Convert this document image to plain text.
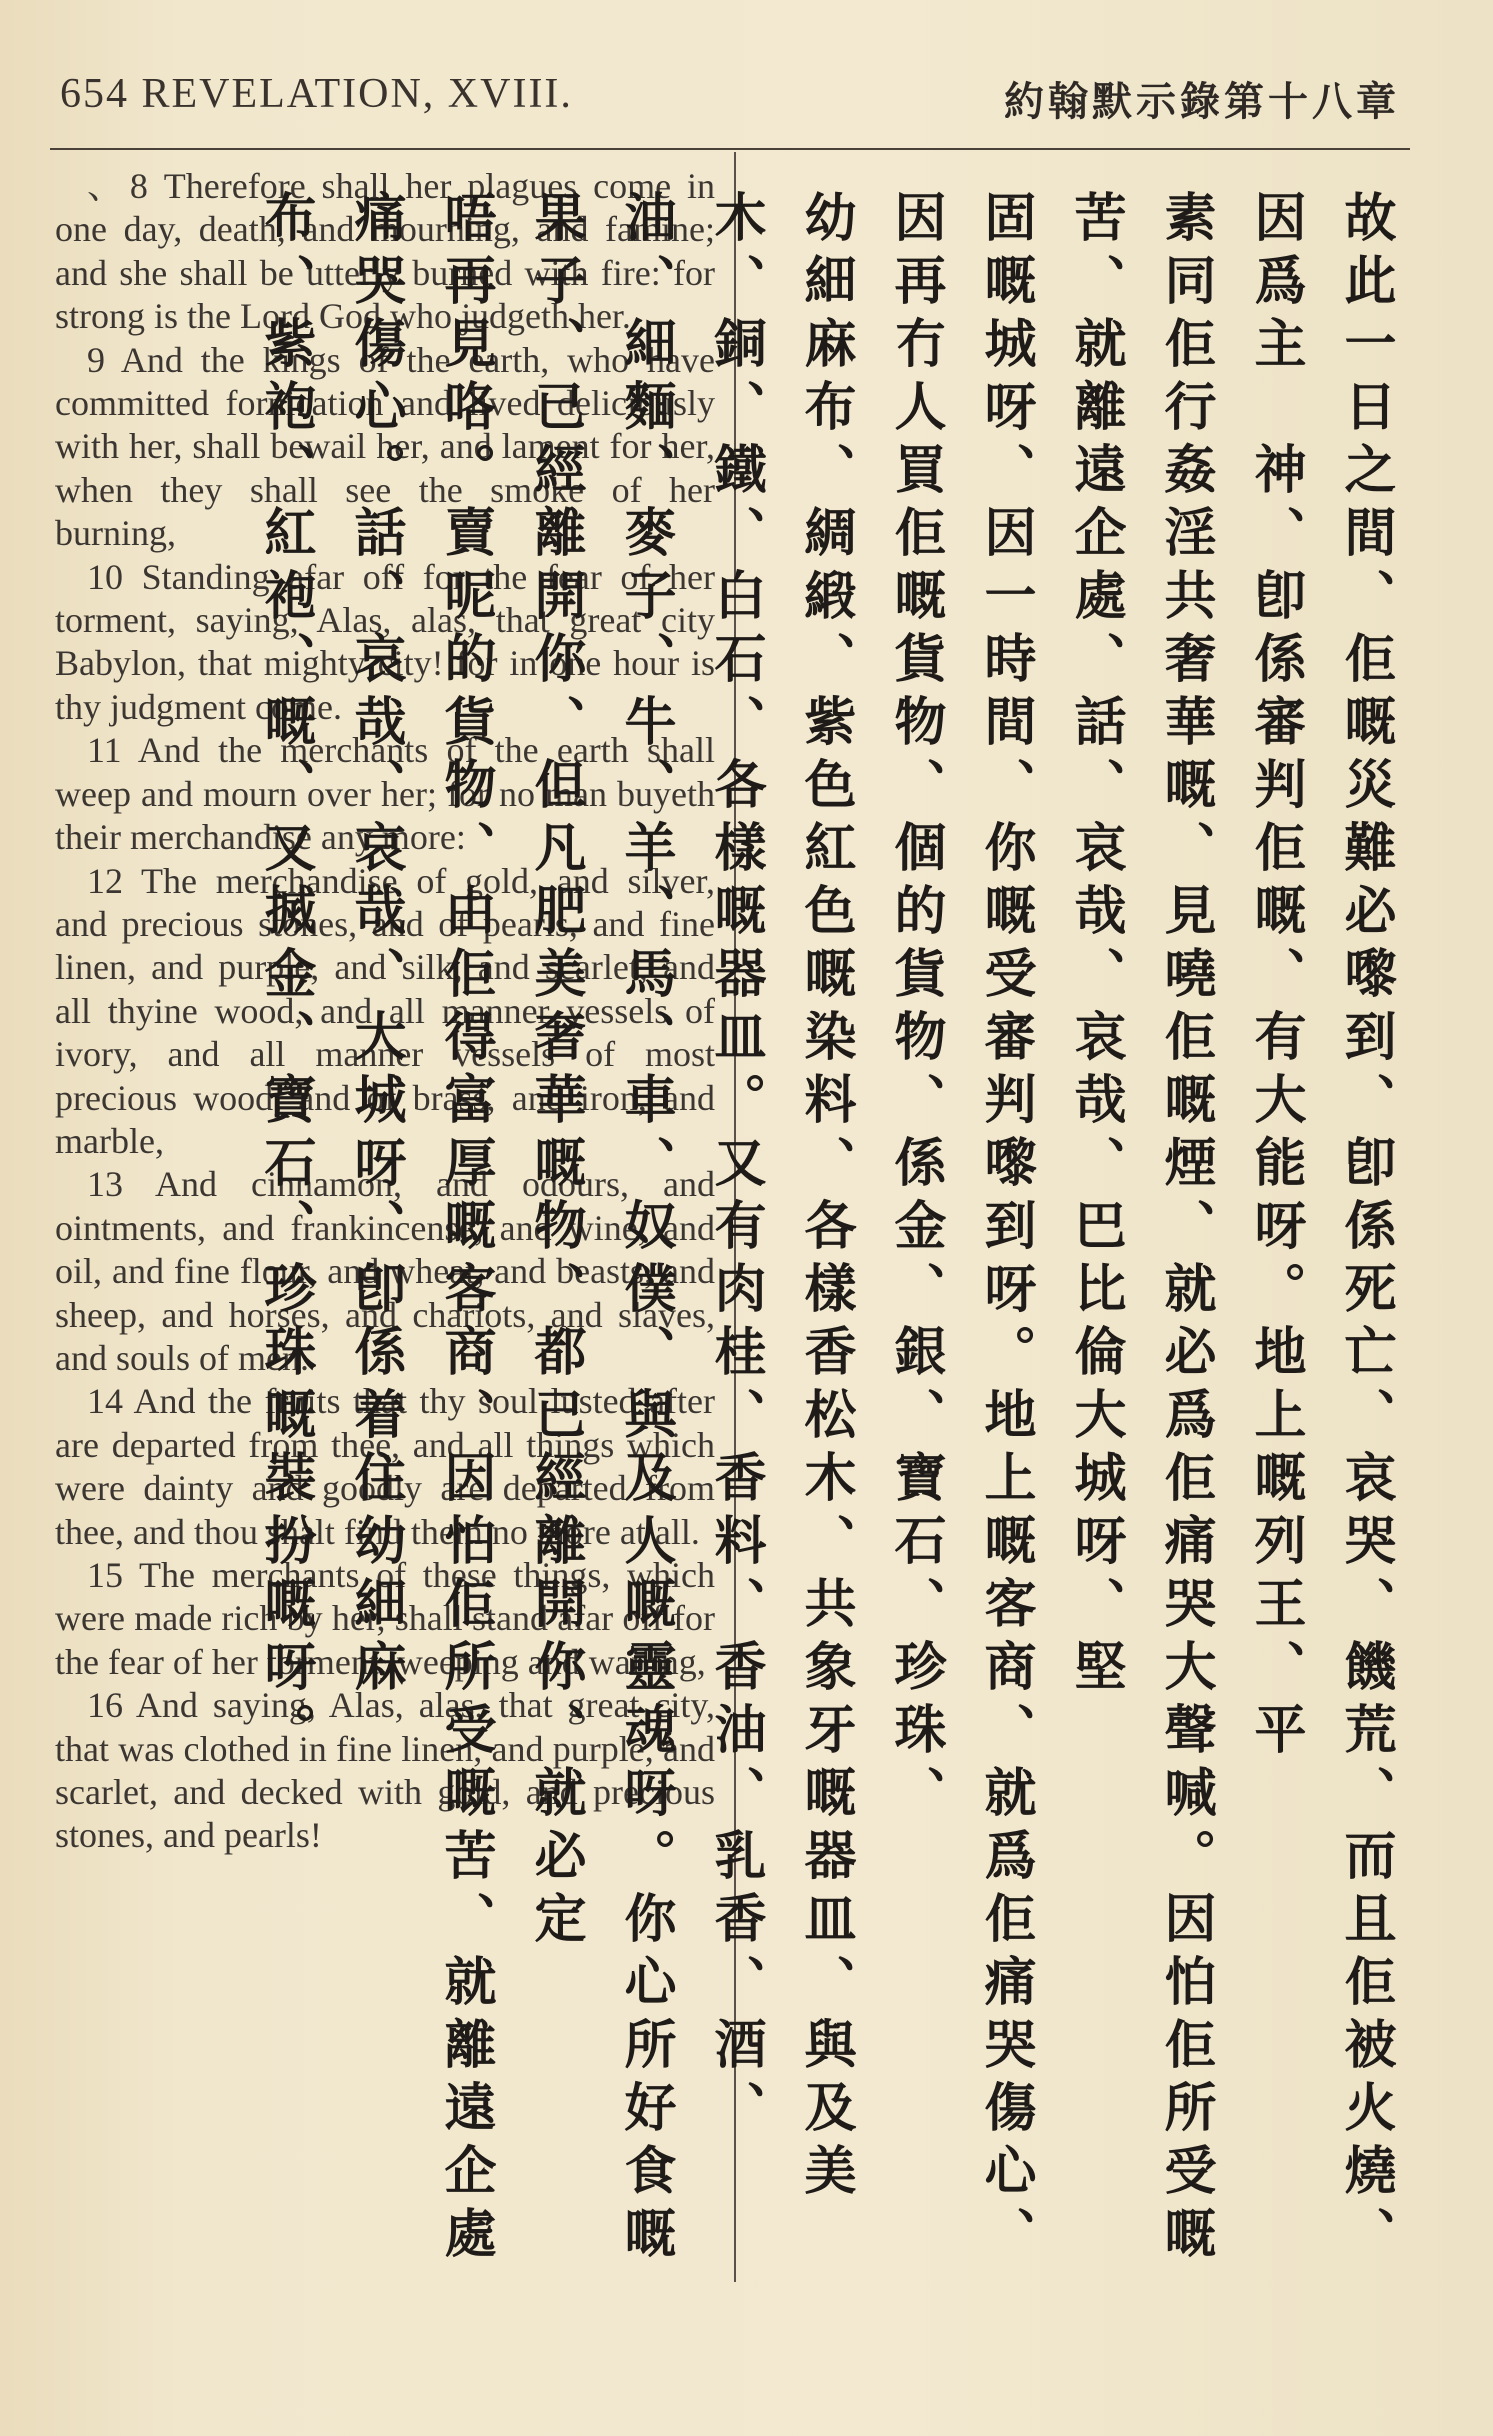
654 REVELATION, XVIII.	約翰默示錄第十八章

、8 Therefore shall her plagues come in one day, death, and mourning, and famine; and she shall be utterly burned with fire: for strong is the Lord God who judgeth her.

9 And the kings of the earth, who have committed fornication and lived deliciously with her, shall bewail her, and lament for her, when they shall see the smoke of her burning,

10 Standing afar off for the fear of her torment, saying, Alas, alas, that great city Babylon, that mighty city! for in one hour is thy judgment come.

11 And the merchants of the earth shall weep and mourn over her; for no man buyeth their merchandise any more:

12 The merchandise of gold, and silver, and precious stones, and of pearls, and fine linen, and purple, and silk, and scarlet, and all thyine wood, and all manner vessels of ivory, and all manner vessels of most precious wood, and of brass, and iron, and marble,

13 And cinnamon, and odours, and ointments, and frankincense, and wine, and oil, and fine flour, and wheat, and beasts, and sheep, and horses, and chariots, and slaves, and souls of men.

14 And the fruits that thy soul lusted after are departed from thee, and all things which were dainty and goodly are departed from thee, and thou shalt find them no more at all.

15 The merchants of these things, which were made rich by her, shall stand afar off for the fear of her torment, weeping and wailing,

16 And saying, Alas, alas, that great city, that was clothed in fine linen, and purple, and scarlet, and decked with gold, and precious stones, and pearls!	故此一日之間、佢嘅災難必嚟到、卽係死亡、哀哭、饑荒、而且佢被火燒、因爲主　神、卽係審判佢嘅、有大能呀。地上嘅列王、平
素同佢行姦淫共奢華嘅、見嘵佢嘅煙、就必爲佢痛哭大聲喊。因怕佢所受嘅苦、就離遠企處、話、哀哉、哀哉、巴比倫大城呀、堅
固嘅城呀、因一時間、你嘅受審判嚟到呀。地上嘅客商、就爲佢痛哭傷心、因再冇人買佢嘅貨物、個的貨物、係金、銀、寶石、珍珠、
幼細麻布、綢緞、紫色紅色嘅染料、各樣香松木、共象牙嘅器皿、與及美木、銅、鐵、白石、各樣嘅器皿。又有肉桂、香料、香油、乳香、酒、
油、細麵、麥子、牛、羊、馬、車、奴僕、與及人嘅靈魂呀。你心所好食嘅果子、已經離開你、但凡肥美奢華嘅物、都已經離開你、就必定
唔再見咯。賣呢的貨物、由佢得富厚嘅客商、因怕佢所受嘅苦、就離遠企處痛哭傷心。話、哀哉、哀哉、大城呀、卽係着住幼細麻
布、紫袍、紅袍、嘅、又搣金、寶石、珍珠嘅裝扮嘅呀。
